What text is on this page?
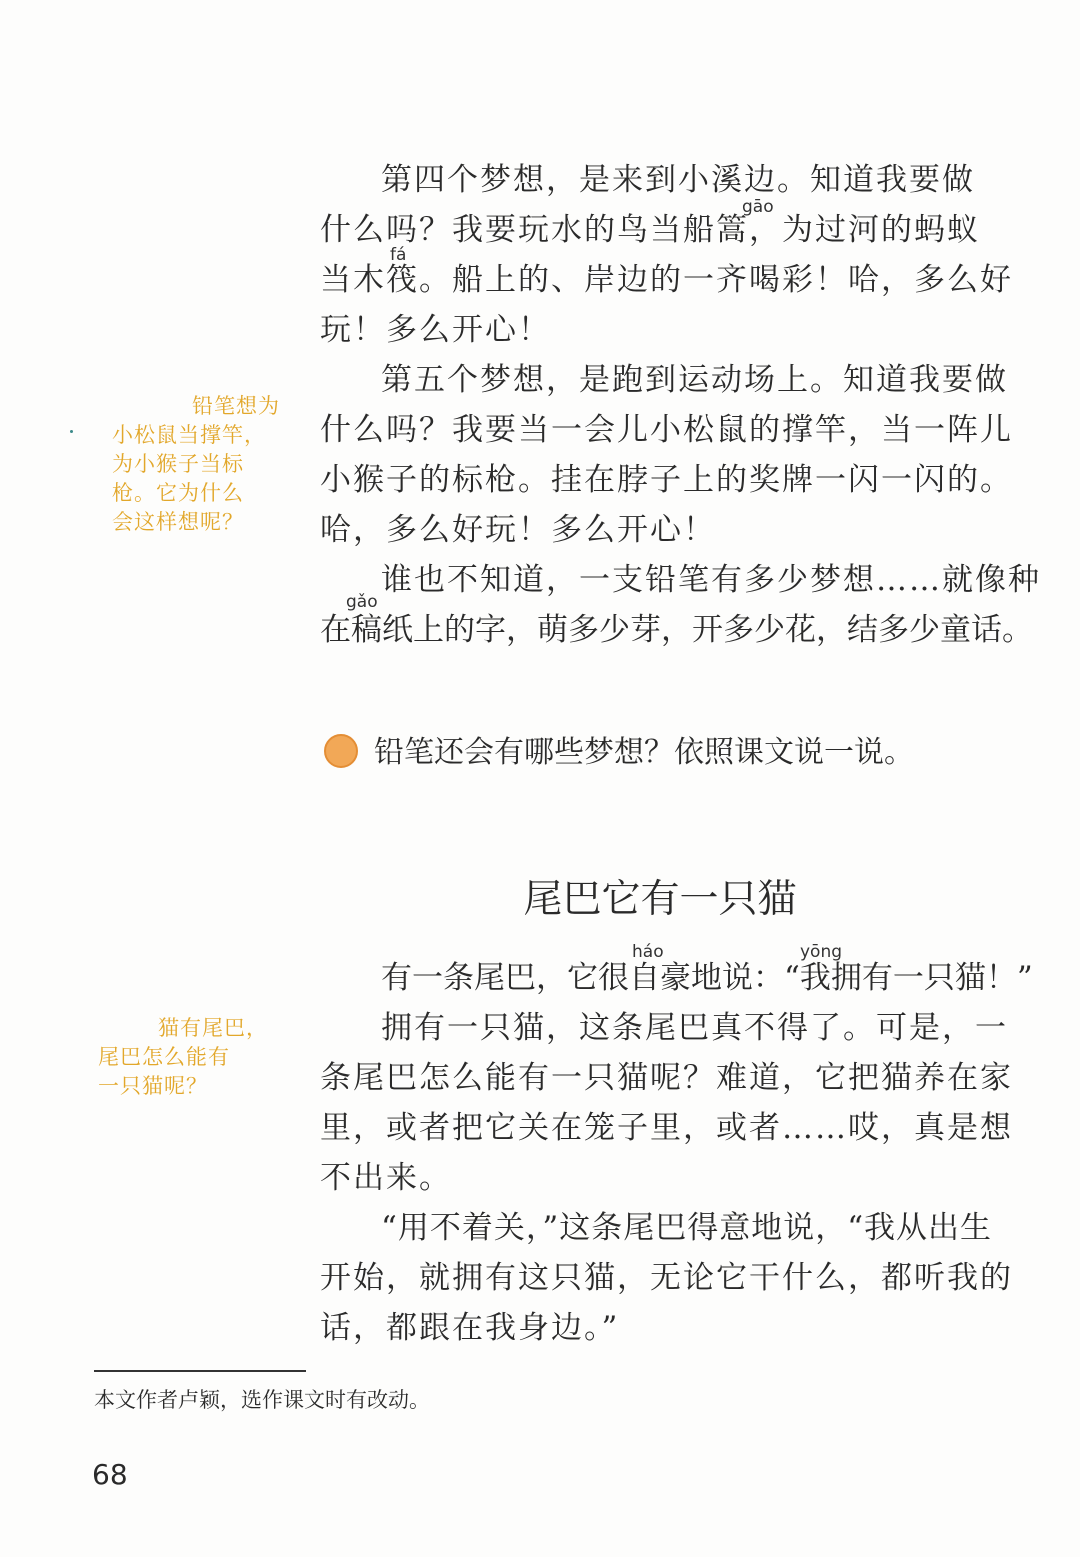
第四个梦想，是来到小溪边。知道我要做
gāo
什么吗？我要玩水的鸟当船篙，为过河的蚂蚁
fá
当木筏。船上的、岸边的一齐喝彩！哈，多么好
玩！多么开心！
第五个梦想，是跑到运动场上。知道我要做
什么吗？我要当一会儿小松鼠的撑竿，当一阵儿
小猴子的标枪。挂在脖子上的奖牌一闪一闪的。
哈，多么好玩！多么开心！
谁也不知道，一支铅笔有多少梦想……就像种
gǎo
在稿纸上的字，萌多少芽，开多少花，结多少童话。
铅笔想为
小松鼠当撑竿，
为小猴子当标
枪。它为什么
会这样想呢？
铅笔还会有哪些梦想？依照课文说一说。
尾巴它有一只猫
háo	yōng
有一条尾巴，它很自豪地说：“我拥有一只猫！”
拥有一只猫，这条尾巴真不得了。可是，一
条尾巴怎么能有一只猫呢？难道，它把猫养在家
里，或者把它关在笼子里，或者……哎，真是想
不出来。
“用不着关，”这条尾巴得意地说，“我从出生
开始，就拥有这只猫，无论它干什么，都听我的
话，都跟在我身边。”
猫有尾巴，
尾巴怎么能有
一只猫呢？
本文作者卢颖，选作课文时有改动。
68
